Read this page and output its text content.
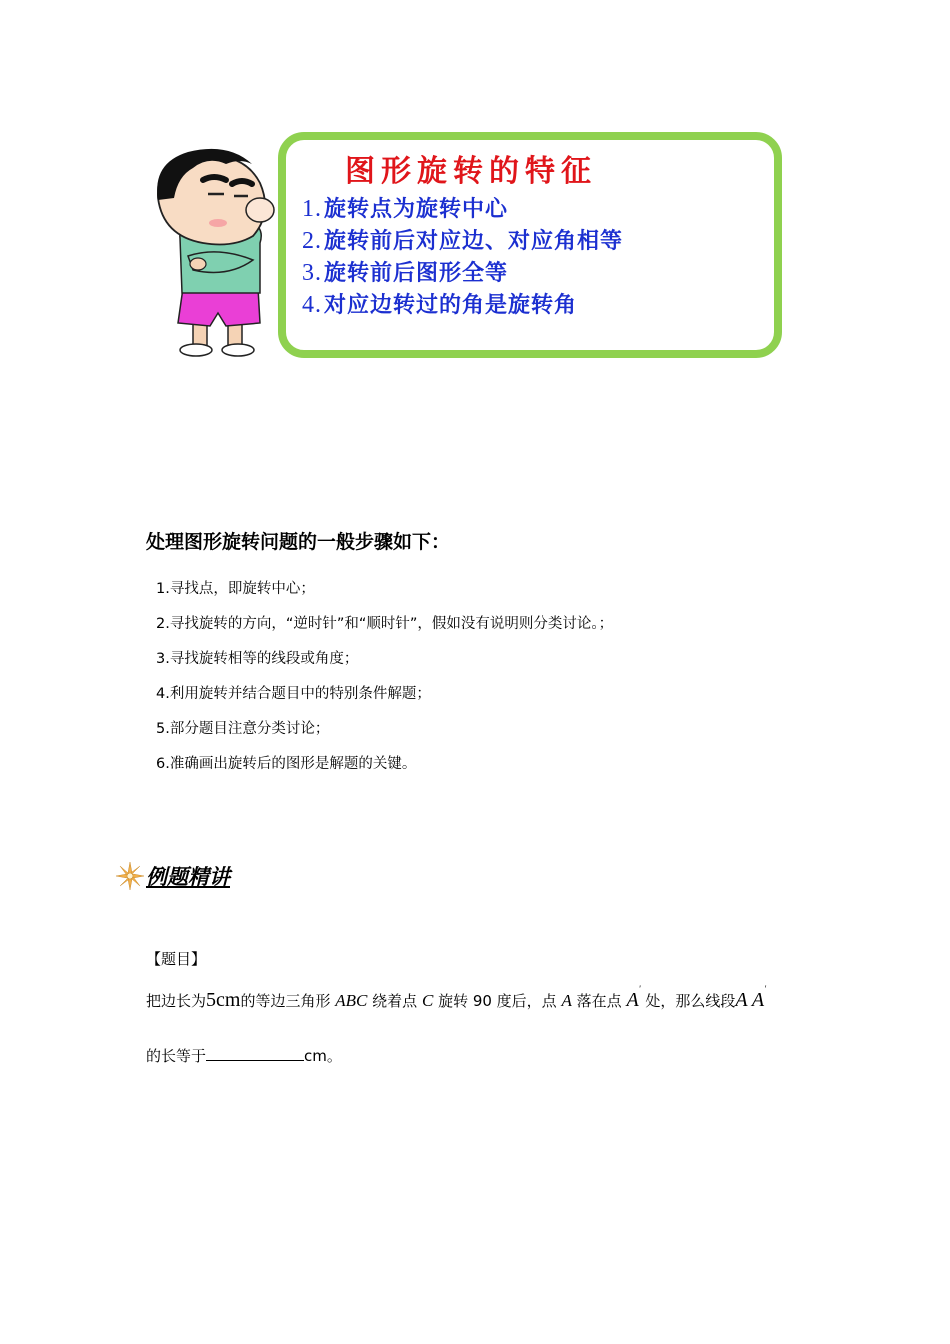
图形旋转的特征
1.旋转点为旋转中心
2.旋转前后对应边、对应角相等
3.旋转前后图形全等
4.对应边转过的角是旋转角
处理图形旋转问题的一般步骤如下：
1.寻找点，即旋转中心；
2.寻找旋转的方向，“逆时针”和“顺时针”，假如没有说明则分类讨论。；
3.寻找旋转相等的线段或角度；
4.利用旋转并结合题目中的特别条件解题；
5.部分题目注意分类讨论；
6.准确画出旋转后的图形是解题的关键。
例题精讲
【题目】
把边长为5cm的等边三角形 ABC 绕着点 C 旋转 90 度后，点 A 落在点 A' 处，那么线段A A'
的长等于	cm。
